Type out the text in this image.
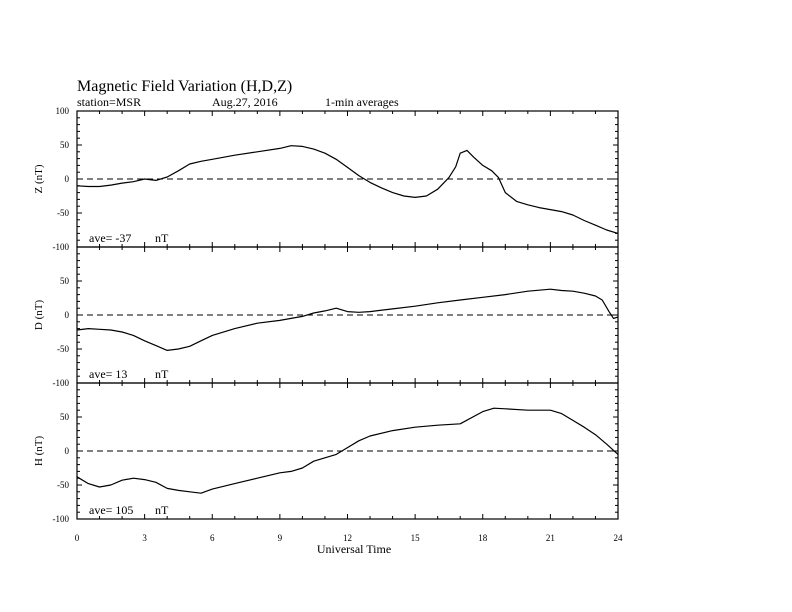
Magnetic Field Variation (H,D,Z)
station=MSR	Aug.27, 2016	1-min averages
100
50
0
-50
-100
Z (nT)
ave= -37 nT
50
0
-50
-100
D (nT)
ave= 13 nT
50
0
-50
-100
H (nT)
ave= 105 nT
0	3	6	9	12	15	18	21	24
Universal Time
